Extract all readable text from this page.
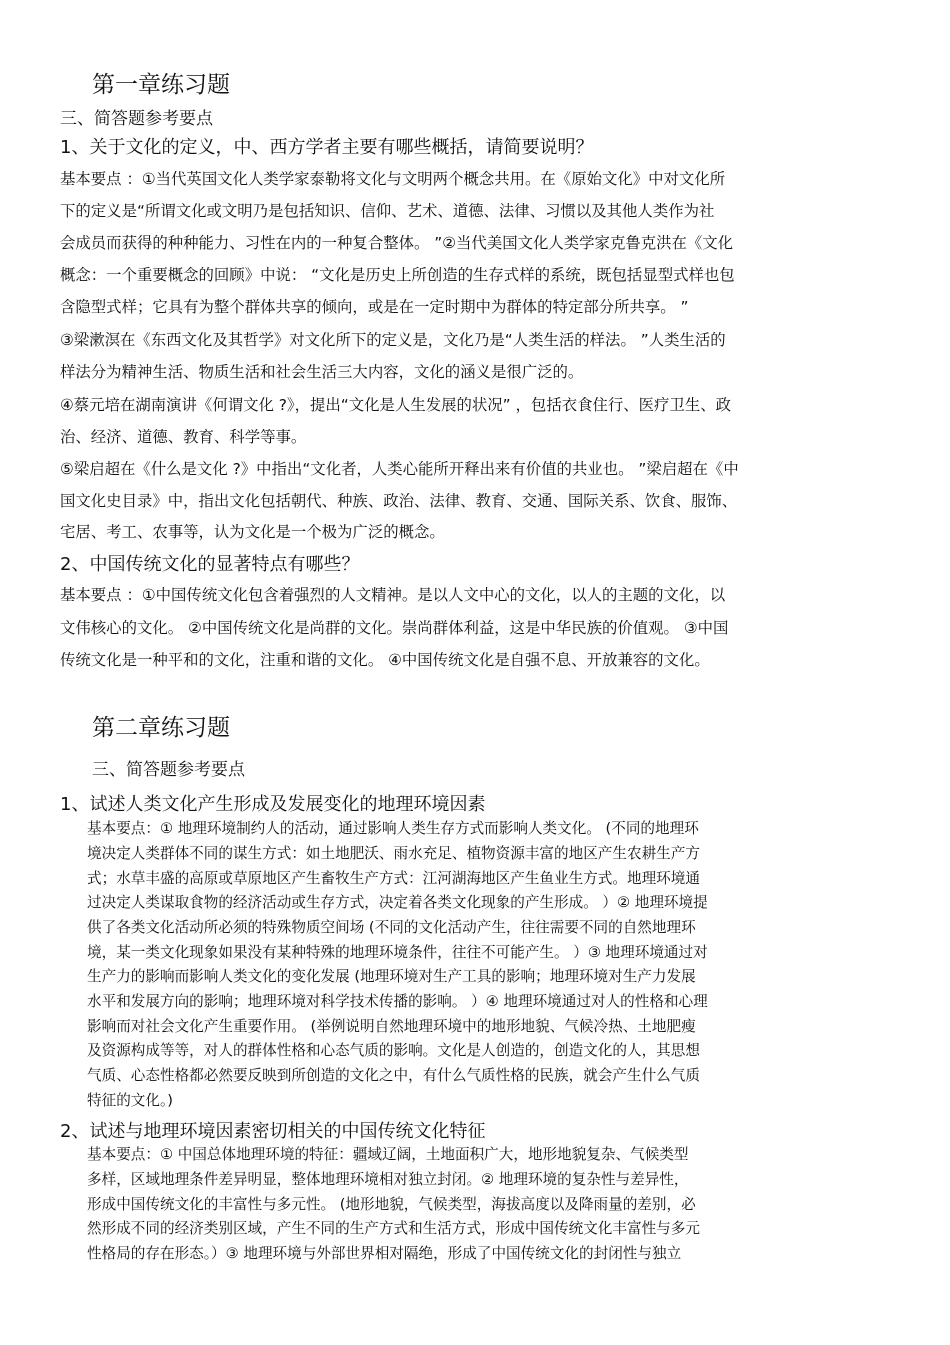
第一章练习题
三、简答题参考要点
1、关于文化的定义，中、西方学者主要有哪些概括，请简要说明？
基本要点 ：①当代英国文化人类学家泰勒将文化与文明两个概念共用。在《原始文化》中对文化所
下的定义是“所谓文化或文明乃是包括知识、信仰、艺术、道德、法律、习惯以及其他人类作为社
会成员而获得的种种能力、习性在内的一种复合整体。 ”②当代美国文化人类学家克鲁克洪在《文化
概念：一个重要概念的回顾》中说： “文化是历史上所创造的生存式样的系统，既包括显型式样也包
含隐型式样；它具有为整个群体共享的倾向，或是在一定时期中为群体的特定部分所共享。 ”
③梁漱溟在《东西文化及其哲学》对文化所下的定义是，文化乃是“人类生活的样法。 ”人类生活的
样法分为精神生活、物质生活和社会生活三大内容，文化的涵义是很广泛的。
④蔡元培在湖南演讲《何谓文化 ?》，提出“文化是人生发展的状况” ，包括衣食住行、医疗卫生、政
治、经济、道德、教育、科学等事。
⑤梁启超在《什么是文化 ?》中指出“文化者，人类心能所开释出来有价值的共业也。 ”梁启超在《中
国文化史目录》中，指出文化包括朝代、种族、政治、法律、教育、交通、国际关系、饮食、服饰、
宅居、考工、农事等，认为文化是一个极为广泛的概念。
2、中国传统文化的显著特点有哪些？
基本要点 ：①中国传统文化包含着强烈的人文精神。是以人文中心的文化，以人的主题的文化，以
文伟核心的文化。 ②中国传统文化是尚群的文化。崇尚群体利益，这是中华民族的价值观。 ③中国
传统文化是一种平和的文化，注重和谐的文化。 ④中国传统文化是自强不息、开放兼容的文化。
第二章练习题
三、简答题参考要点
1、试述人类文化产生形成及发展变化的地理环境因素
基本要点：① 地理环境制约人的活动，通过影响人类生存方式而影响人类文化。 (不同的地理环
境决定人类群体不同的谋生方式：如土地肥沃、雨水充足、植物资源丰富的地区产生农耕生产方
式；水草丰盛的高原或草原地区产生畜牧生产方式：江河湖海地区产生鱼业生方式。地理环境通
过决定人类谋取食物的经济活动或生存方式，决定着各类文化现象的产生形成。 ）② 地理环境提
供了各类文化活动所必须的特殊物质空间场 (不同的文化活动产生，往往需要不同的自然地理环
境，某一类文化现象如果没有某种特殊的地理环境条件，往往不可能产生。 ）③ 地理环境通过对
生产力的影响而影响人类文化的变化发展 (地理环境对生产工具的影响；地理环境对生产力发展
水平和发展方向的影响；地理环境对科学技术传播的影响。 ）④ 地理环境通过对人的性格和心理
影响而对社会文化产生重要作用。 (举例说明自然地理环境中的地形地貌、气候冷热、土地肥瘦
及资源构成等等，对人的群体性格和心态气质的影响。文化是人创造的，创造文化的人，其思想
气质、心态性格都必然要反映到所创造的文化之中，有什么气质性格的民族，就会产生什么气质
特征的文化。)
2、试述与地理环境因素密切相关的中国传统文化特征
基本要点：① 中国总体地理环境的特征：疆域辽阔，土地面积广大，地形地貌复杂、气候类型
多样，区域地理条件差异明显，整体地理环境相对独立封闭。② 地理环境的复杂性与差异性，
形成中国传统文化的丰富性与多元性。 (地形地貌，气候类型，海拔高度以及降雨量的差别，必
然形成不同的经济类别区域，产生不同的生产方式和生活方式，形成中国传统文化丰富性与多元
性格局的存在形态。）③ 地理环境与外部世界相对隔绝，形成了中国传统文化的封闭性与独立
